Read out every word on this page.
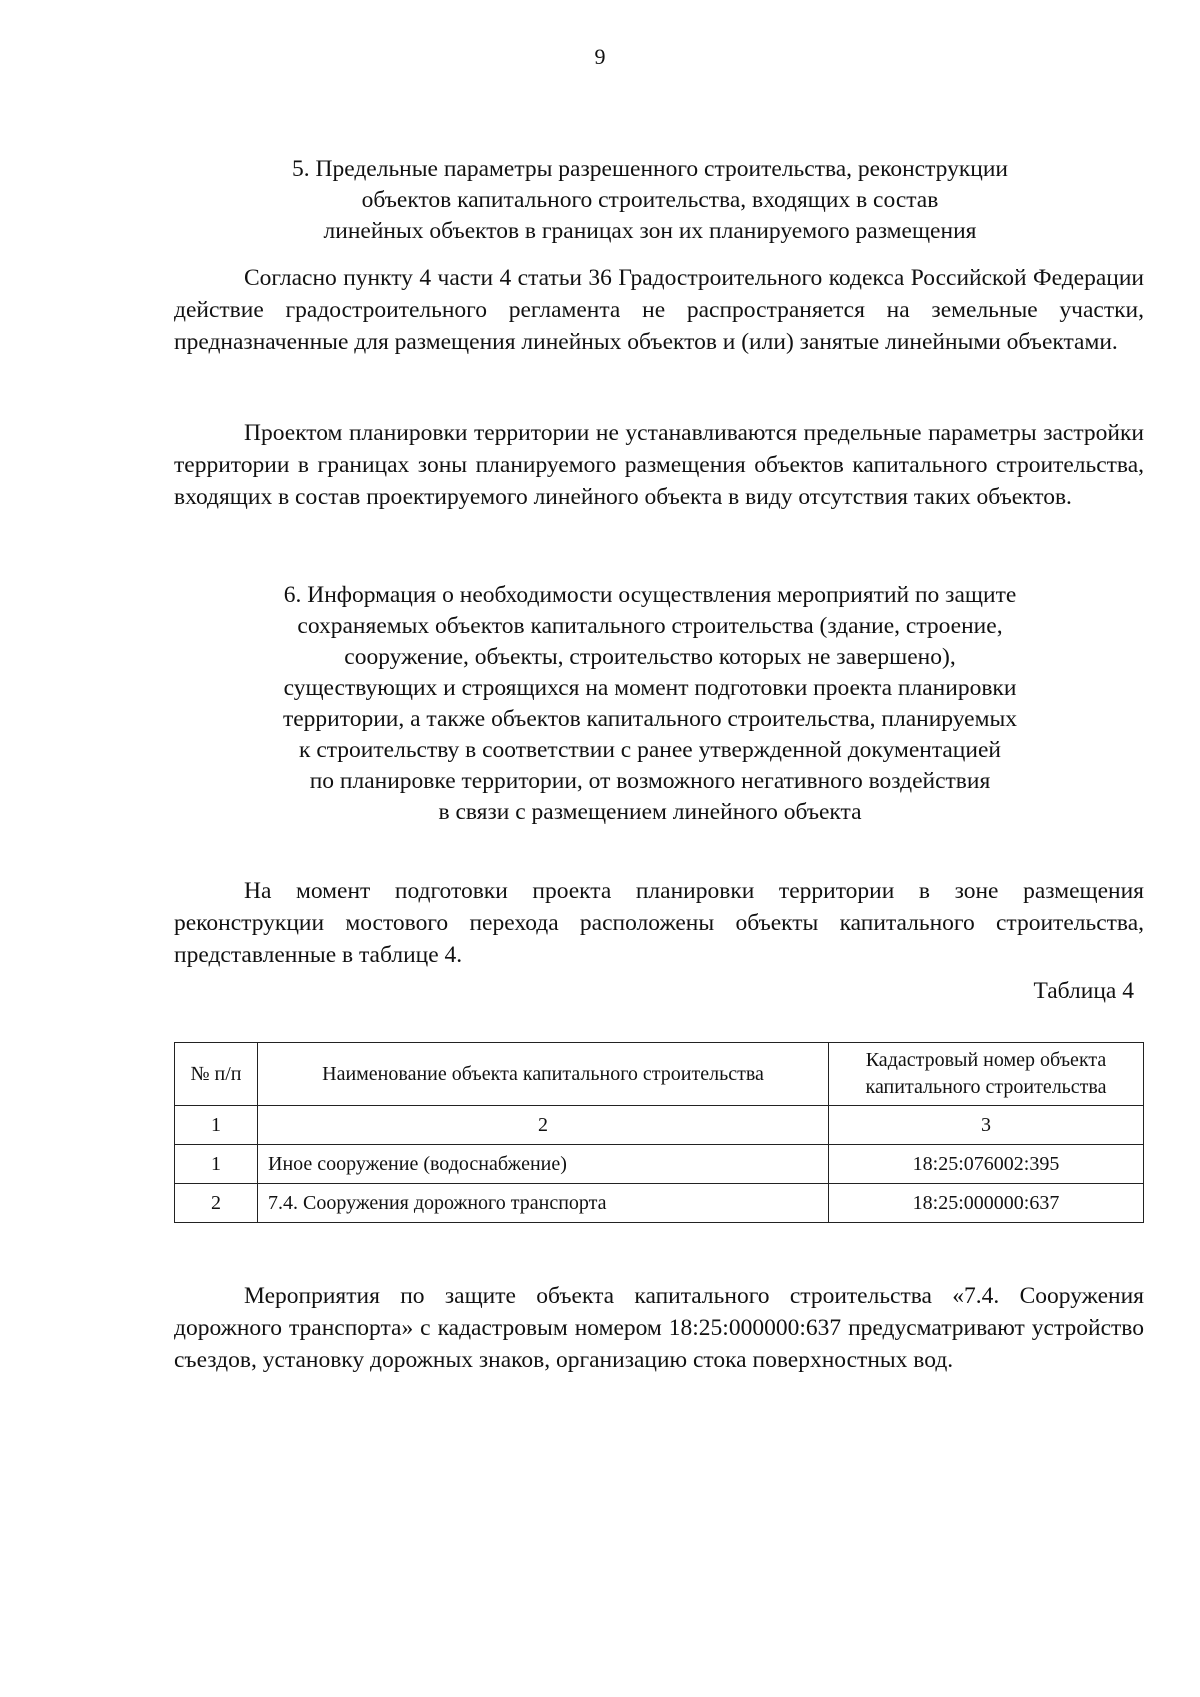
9
5. Предельные параметры разрешенного строительства, реконструкции
объектов капитального строительства, входящих в состав
линейных объектов в границах зон их планируемого размещения

Согласно пункту 4 части 4 статьи 36 Градостроительного кодекса Российской Федерации действие градостроительного регламента не распространяется на земельные участки, предназначенные для размещения линейных объектов и (или) занятые линейными объектами.

Проектом планировки территории не устанавливаются предельные параметры застройки территории в границах зоны планируемого размещения объектов капитального строительства, входящих в состав проектируемого линейного объекта в виду отсутствия таких объектов.

6. Информация о необходимости осуществления мероприятий по защите
сохраняемых объектов капитального строительства (здание, строение,
сооружение, объекты, строительство которых не завершено),
существующих и строящихся на момент подготовки проекта планировки
территории, а также объектов капитального строительства, планируемых
к строительству в соответствии с ранее утвержденной документацией
по планировке территории, от возможного негативного воздействия
в связи с размещением линейного объекта

На момент подготовки проекта планировки территории в зоне размещения реконструкции мостового перехода расположены объекты капитального строительства, представленные в таблице 4.

Таблица 4
№ п/п	Наименование объекта капитального строительства	Кадастровый номер объекта капитального строительства
1	2	3
1	Иное сооружение (водоснабжение)	18:25:076002:395
2	7.4. Сооружения дорожного транспорта	18:25:000000:637

Мероприятия по защите объекта капитального строительства «7.4. Сооружения дорожного транспорта» с кадастровым номером 18:25:000000:637 предусматривают устройство съездов, установку дорожных знаков, организацию стока поверхностных вод.
